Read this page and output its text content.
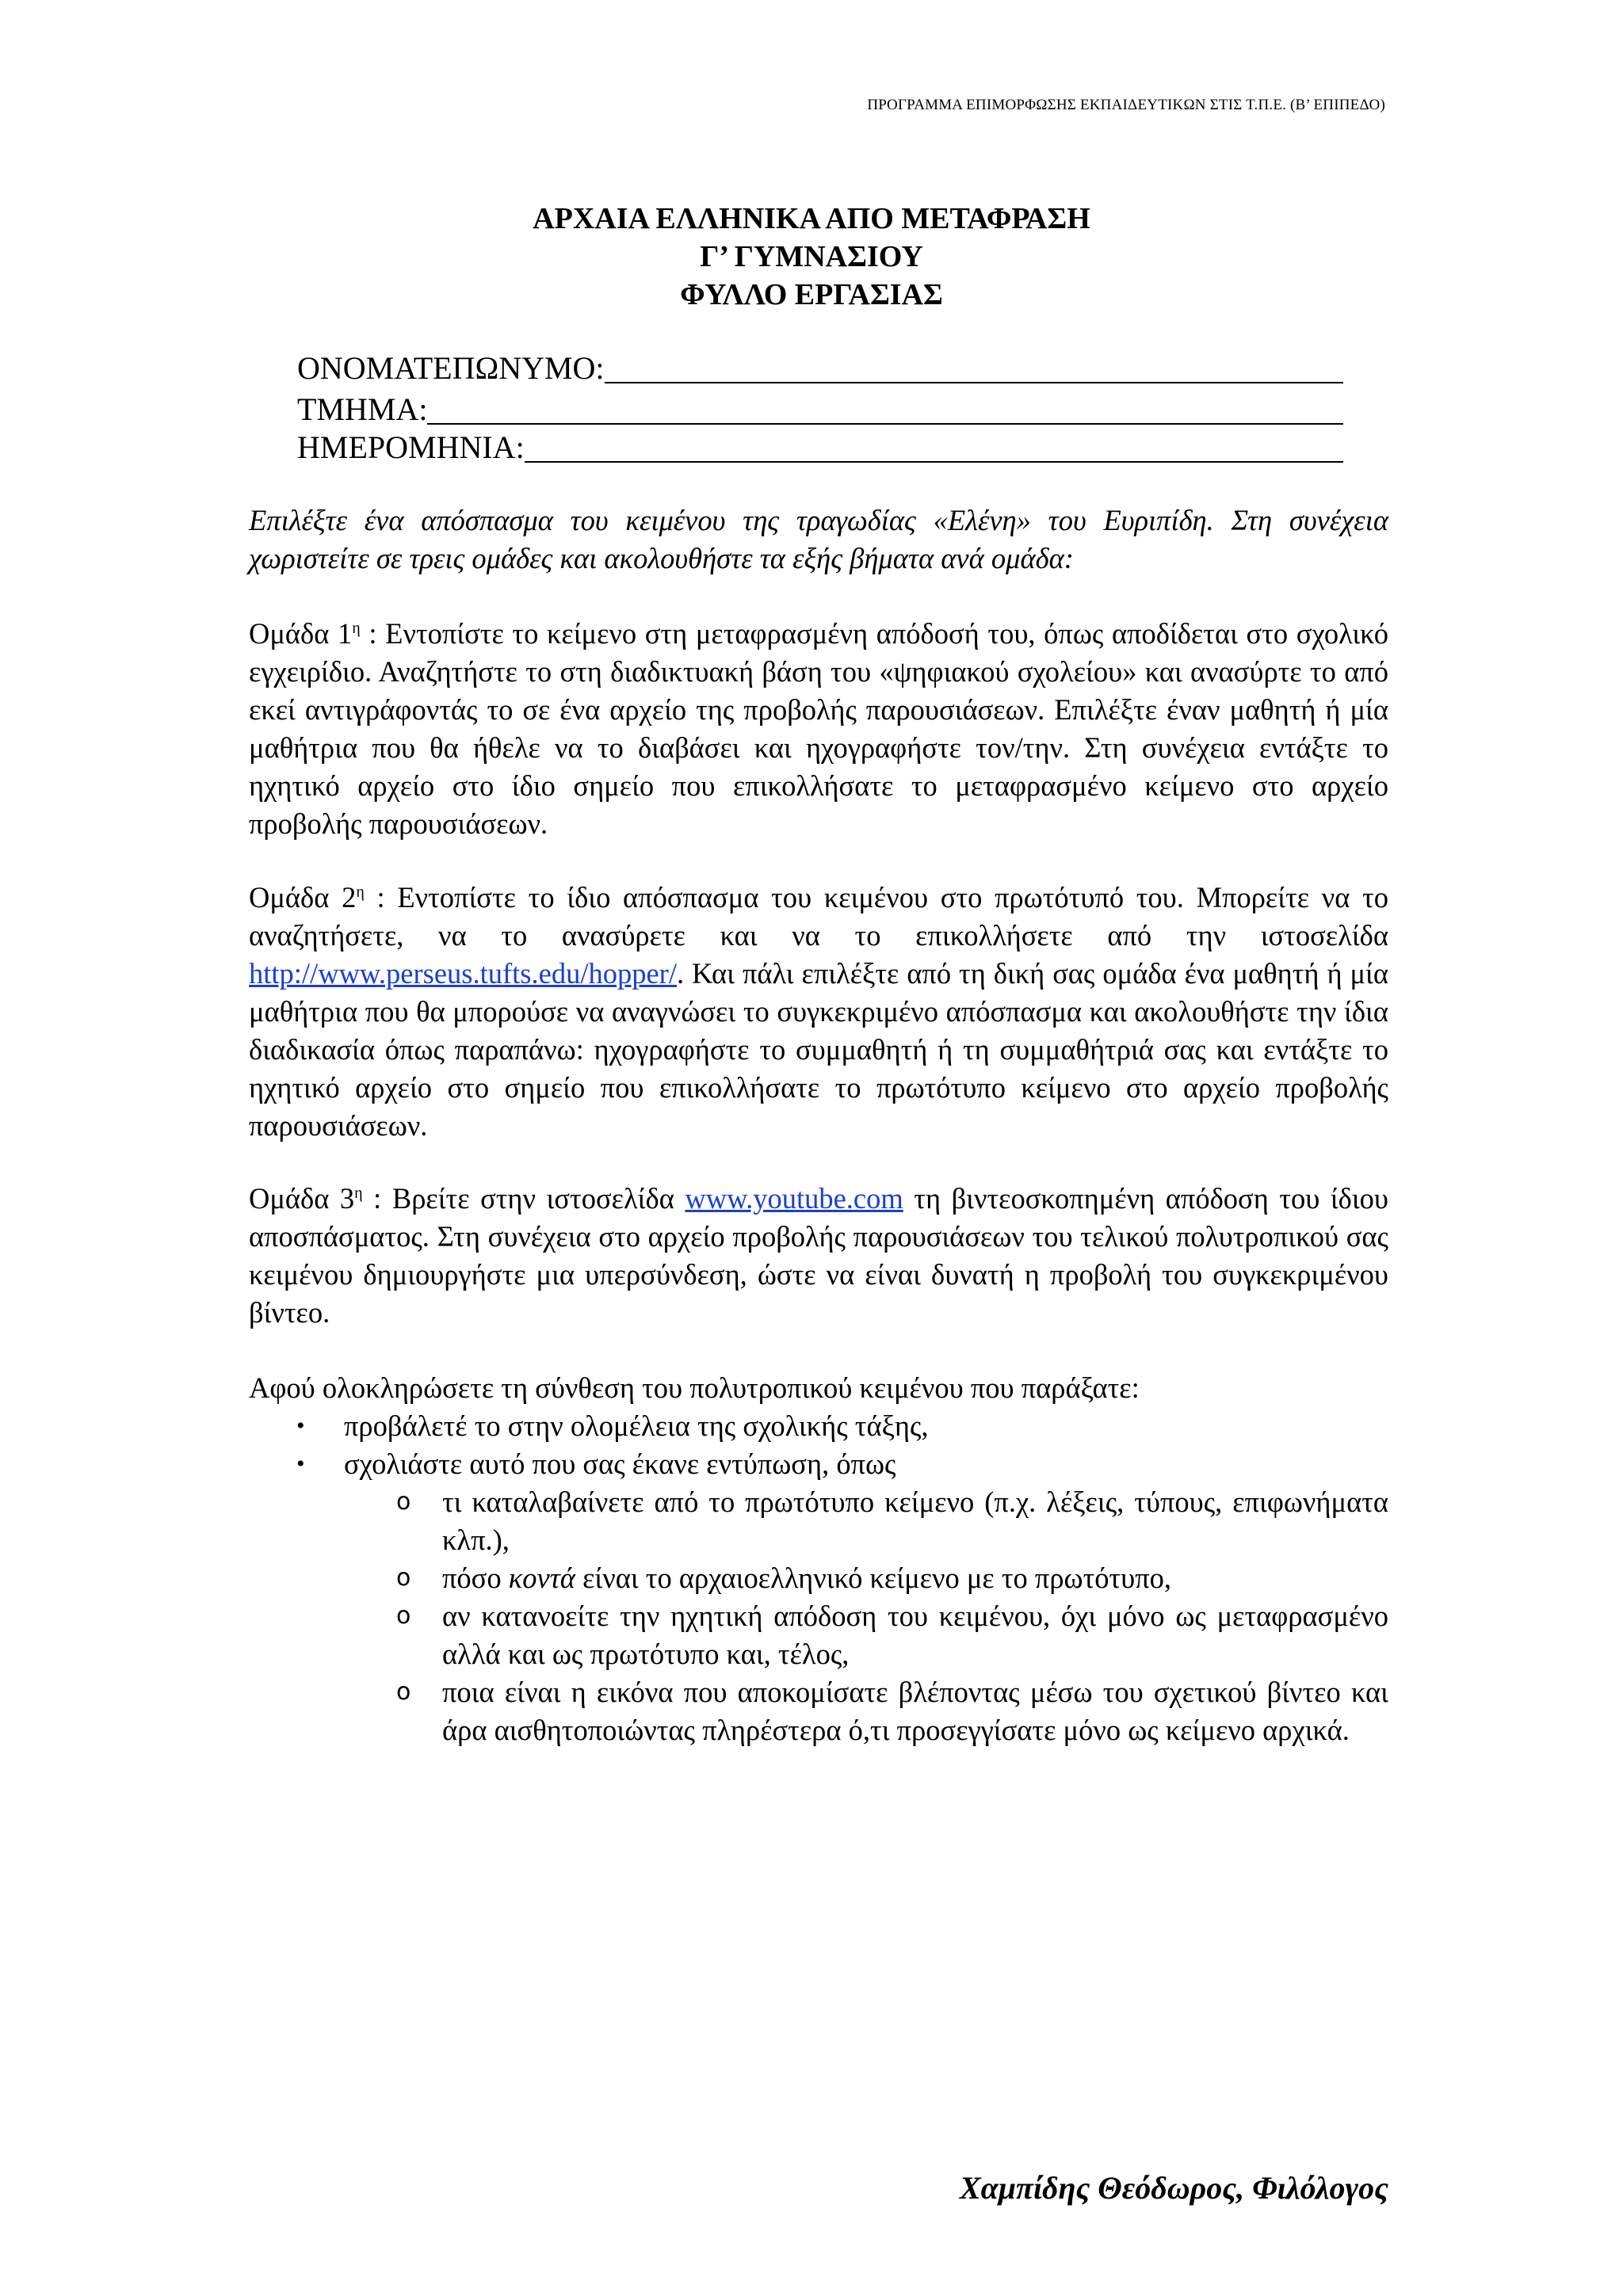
ΠΡΟΓΡΑΜΜΑ ΕΠΙΜΟΡΦΩΣΗΣ ΕΚΠΑΙΔΕΥΤΙΚΩΝ ΣΤΙΣ Τ.Π.Ε. (Β’ ΕΠΙΠΕΔΟ)
ΑΡΧΑΙΑ ΕΛΛΗΝΙΚΑ ΑΠΟ ΜΕΤΑΦΡΑΣΗ
Γ’ ΓΥΜΝΑΣΙΟΥ
ΦΥΛΛΟ ΕΡΓΑΣΙΑΣ
ΟΝΟΜΑΤΕΠΩΝΥΜΟ:
ΤΜΗΜΑ:
ΗΜΕΡΟΜΗΝΙΑ:

Επιλέξτε ένα απόσπασμα του κειμένου της τραγωδίας «Ελένη» του Ευριπίδη. Στη συνέχεια χωριστείτε σε τρεις ομάδες και ακολουθήστε τα εξής βήματα ανά ομάδα:

Ομάδα $1^\eta$ : Εντοπίστε το κείμενο στη μεταφρασμένη απόδοσή του, όπως αποδίδεται στο σχολικό εγχειρίδιο. Αναζητήστε το στη διαδικτυακή βάση του «ψηφιακού σχολείου» και ανασύρτε το από εκεί αντιγράφοντάς το σε ένα αρχείο της προβολής παρουσιάσεων. Επιλέξτε έναν μαθητή ή μία μαθήτρια που θα ήθελε να το διαβάσει και ηχογραφήστε τον/την. Στη συνέχεια εντάξτε το ηχητικό αρχείο στο ίδιο σημείο που επικολλήσατε το μεταφρασμένο κείμενο στο αρχείο προβολής παρουσιάσεων.

Ομάδα $2^\eta$ : Εντοπίστε το ίδιο απόσπασμα του κειμένου στο πρωτότυπό του. Μπορείτε να το αναζητήσετε, να το ανασύρετε και να το επικολλήσετε από την ιστοσελίδα http://www.perseus.tufts.edu/hopper/. Και πάλι επιλέξτε από τη δική σας ομάδα ένα μαθητή ή μία μαθήτρια που θα μπορούσε να αναγνώσει το συγκεκριμένο απόσπασμα και ακολουθήστε την ίδια διαδικασία όπως παραπάνω: ηχογραφήστε το συμμαθητή ή τη συμμαθήτριά σας και εντάξτε το ηχητικό αρχείο στο σημείο που επικολλήσατε το πρωτότυπο κείμενο στο αρχείο προβολής παρουσιάσεων.

Ομάδα $3^\eta$ : Βρείτε στην ιστοσελίδα www.youtube.com τη βιντεοσκοπημένη απόδοση του ίδιου αποσπάσματος. Στη συνέχεια στο αρχείο προβολής παρουσιάσεων του τελικού πολυτροπικού σας κειμένου δημιουργήστε μια υπερσύνδεση, ώστε να είναι δυνατή η προβολή του συγκεκριμένου βίντεο.

Αφού ολοκληρώσετε τη σύνθεση του πολυτροπικού κειμένου που παράξατε:

•	προβάλετέ το στην ολομέλεια της σχολικής τάξης,
•	σχολιάστε αυτό που σας έκανε εντύπωση, όπως
o	τι καταλαβαίνετε από το πρωτότυπο κείμενο (π.χ. λέξεις, τύπους, επιφωνήματα κλπ.),
o	πόσο κοντά είναι το αρχαιοελληνικό κείμενο με το πρωτότυπο,
o	αν κατανοείτε την ηχητική απόδοση του κειμένου, όχι μόνο ως μεταφρασμένο αλλά και ως πρωτότυπο και, τέλος,
o	ποια είναι η εικόνα που αποκομίσατε βλέποντας μέσω του σχετικού βίντεο και άρα αισθητοποιώντας πληρέστερα ό,τι προσεγγίσατε μόνο ως κείμενο αρχικά.
Χαμπίδης Θεόδωρος, Φιλόλογος
